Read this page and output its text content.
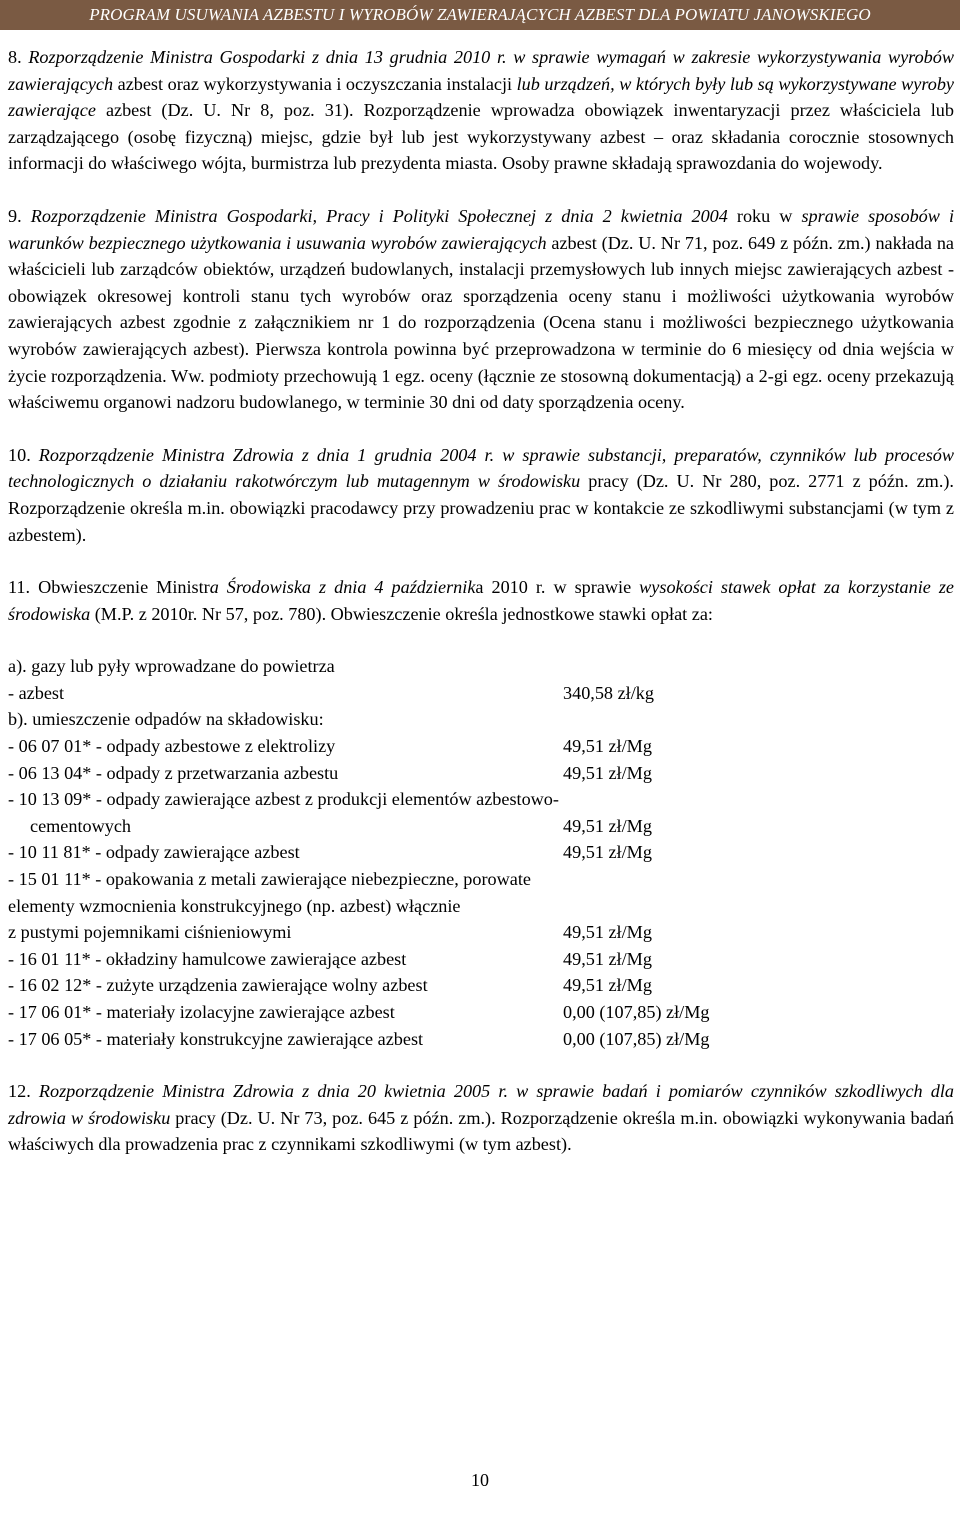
PROGRAM USUWANIA AZBESTU I WYROBÓW ZAWIERAJĄCYCH AZBEST DLA POWIATU JANOWSKIEGO

8. Rozporządzenie Ministra Gospodarki z dnia 13 grudnia 2010 r. w sprawie wymagań w zakresie wykorzystywania wyrobów zawierających azbest oraz wykorzystywania i oczyszczania instalacji lub urządzeń, w których były lub są wykorzystywane wyroby zawierające azbest (Dz. U. Nr 8, poz. 31). Rozporządzenie wprowadza obowiązek inwentaryzacji przez właściciela lub zarządzającego (osobę fizyczną) miejsc, gdzie był lub jest wykorzystywany azbest – oraz składania corocznie stosownych informacji do właściwego wójta, burmistrza lub prezydenta miasta. Osoby prawne składają sprawozdania do wojewody.

9. Rozporządzenie Ministra Gospodarki, Pracy i Polityki Społecznej z dnia 2 kwietnia 2004 roku w sprawie sposobów i warunków bezpiecznego użytkowania i usuwania wyrobów zawierających azbest (Dz. U. Nr 71, poz. 649 z późn. zm.) nakłada na właścicieli lub zarządców obiektów, urządzeń budowlanych, instalacji przemysłowych lub innych miejsc zawierających azbest - obowiązek okresowej kontroli stanu tych wyrobów oraz sporządzenia oceny stanu i możliwości użytkowania wyrobów zawierających azbest zgodnie z załącznikiem nr 1 do rozporządzenia (Ocena stanu i możliwości bezpiecznego użytkowania wyrobów zawierających azbest). Pierwsza kontrola powinna być przeprowadzona w terminie do 6 miesięcy od dnia wejścia w życie rozporządzenia. Ww. podmioty przechowują 1 egz. oceny (łącznie ze stosowną dokumentacją) a 2-gi egz. oceny przekazują właściwemu organowi nadzoru budowlanego, w terminie 30 dni od daty sporządzenia oceny.

10. Rozporządzenie Ministra Zdrowia z dnia 1 grudnia 2004 r. w sprawie substancji, preparatów, czynników lub procesów technologicznych o działaniu rakotwórczym lub mutagennym w środowisku pracy (Dz. U. Nr 280, poz. 2771 z późn. zm.). Rozporządzenie określa m.in. obowiązki pracodawcy przy prowadzeniu prac w kontakcie ze szkodliwymi substancjami (w tym z azbestem).

11. Obwieszczenie Ministra Środowiska z dnia 4 października 2010 r. w sprawie wysokości stawek opłat za korzystanie ze środowiska (M.P. z 2010r. Nr 57, poz. 780). Obwieszczenie określa jednostkowe stawki opłat za:

a). gazy lub pyły wprowadzane do powietrza
- azbest	340,58 zł/kg
b). umieszczenie odpadów na składowisku:
- 06 07 01* - odpady azbestowe z elektrolizy	49,51 zł/Mg
- 06 13 04* - odpady z przetwarzania azbestu	49,51 zł/Mg
- 10 13 09* - odpady zawierające azbest z produkcji elementów azbestowo-
cementowych	49,51 zł/Mg
- 10 11 81* - odpady zawierające azbest	49,51 zł/Mg
- 15 01 11* - opakowania z metali zawierające niebezpieczne, porowate
elementy wzmocnienia konstrukcyjnego (np. azbest) włącznie
z pustymi pojemnikami ciśnieniowymi	49,51 zł/Mg
- 16 01 11* - okładziny hamulcowe zawierające azbest	49,51 zł/Mg
- 16 02 12* - zużyte urządzenia zawierające wolny azbest	49,51 zł/Mg
- 17 06 01* - materiały izolacyjne zawierające azbest	0,00 (107,85) zł/Mg
- 17 06 05* - materiały konstrukcyjne zawierające azbest	0,00 (107,85) zł/Mg

12. Rozporządzenie Ministra Zdrowia z dnia 20 kwietnia 2005 r. w sprawie badań i pomiarów czynników szkodliwych dla zdrowia w środowisku pracy (Dz. U. Nr 73, poz. 645 z późn. zm.). Rozporządzenie określa m.in. obowiązki wykonywania badań właściwych dla prowadzenia prac z czynnikami szkodliwymi (w tym azbest).

10
